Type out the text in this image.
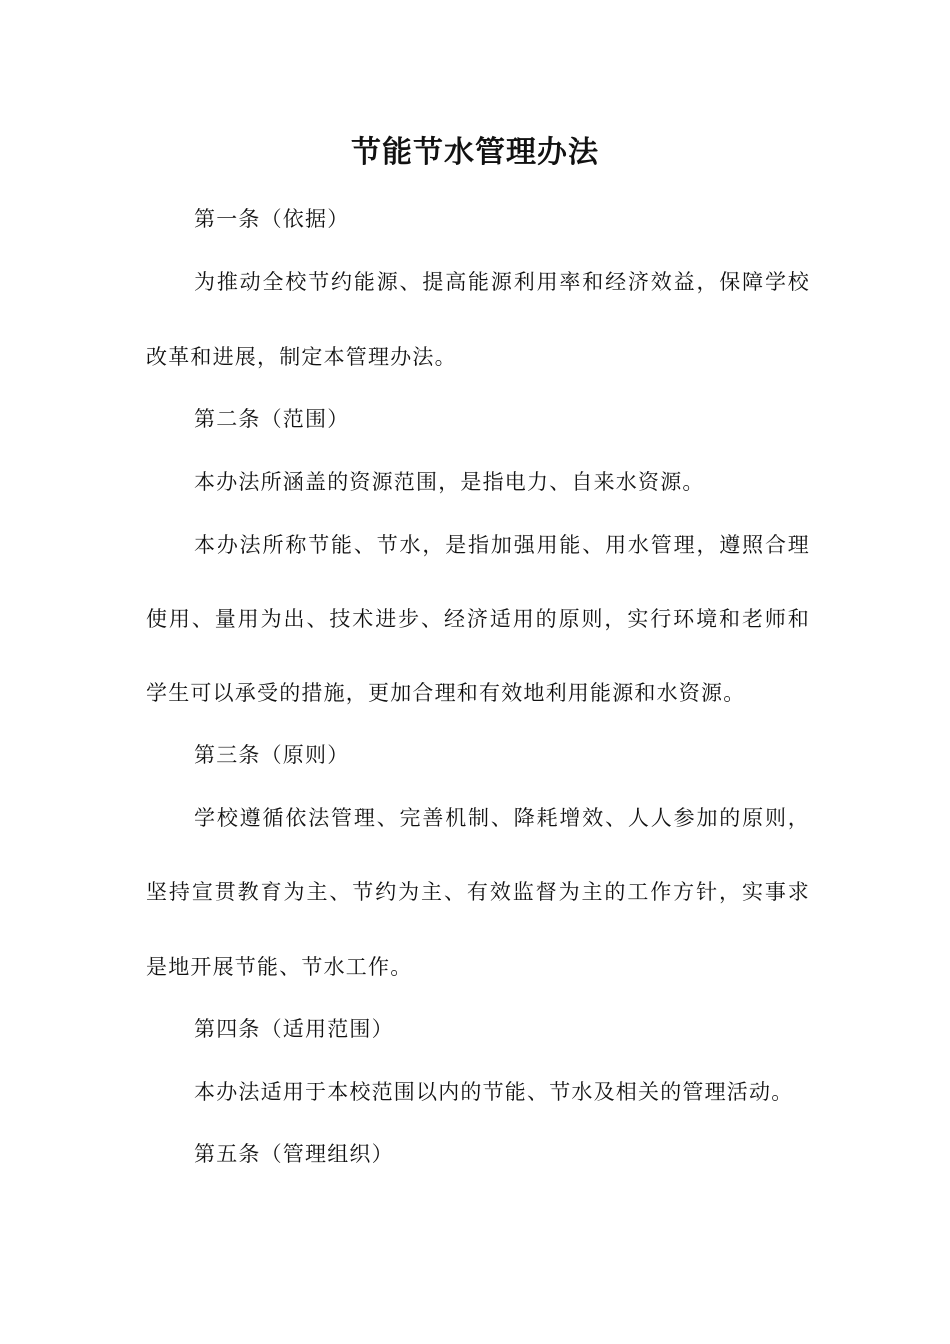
节能节水管理办法
第一条（依据）
为推动全校节约能源、提高能源利用率和经济效益，保障学校
改革和进展，制定本管理办法。
第二条（范围）
本办法所涵盖的资源范围，是指电力、自来水资源。
本办法所称节能、节水，是指加强用能、用水管理，遵照合理
使用、量用为出、技术进步、经济适用的原则，实行环境和老师和
学生可以承受的措施，更加合理和有效地利用能源和水资源。
第三条（原则）
学校遵循依法管理、完善机制、降耗增效、人人参加的原则，
坚持宣贯教育为主、节约为主、有效监督为主的工作方针，实事求
是地开展节能、节水工作。
第四条（适用范围）
本办法适用于本校范围以内的节能、节水及相关的管理活动。
第五条（管理组织）
